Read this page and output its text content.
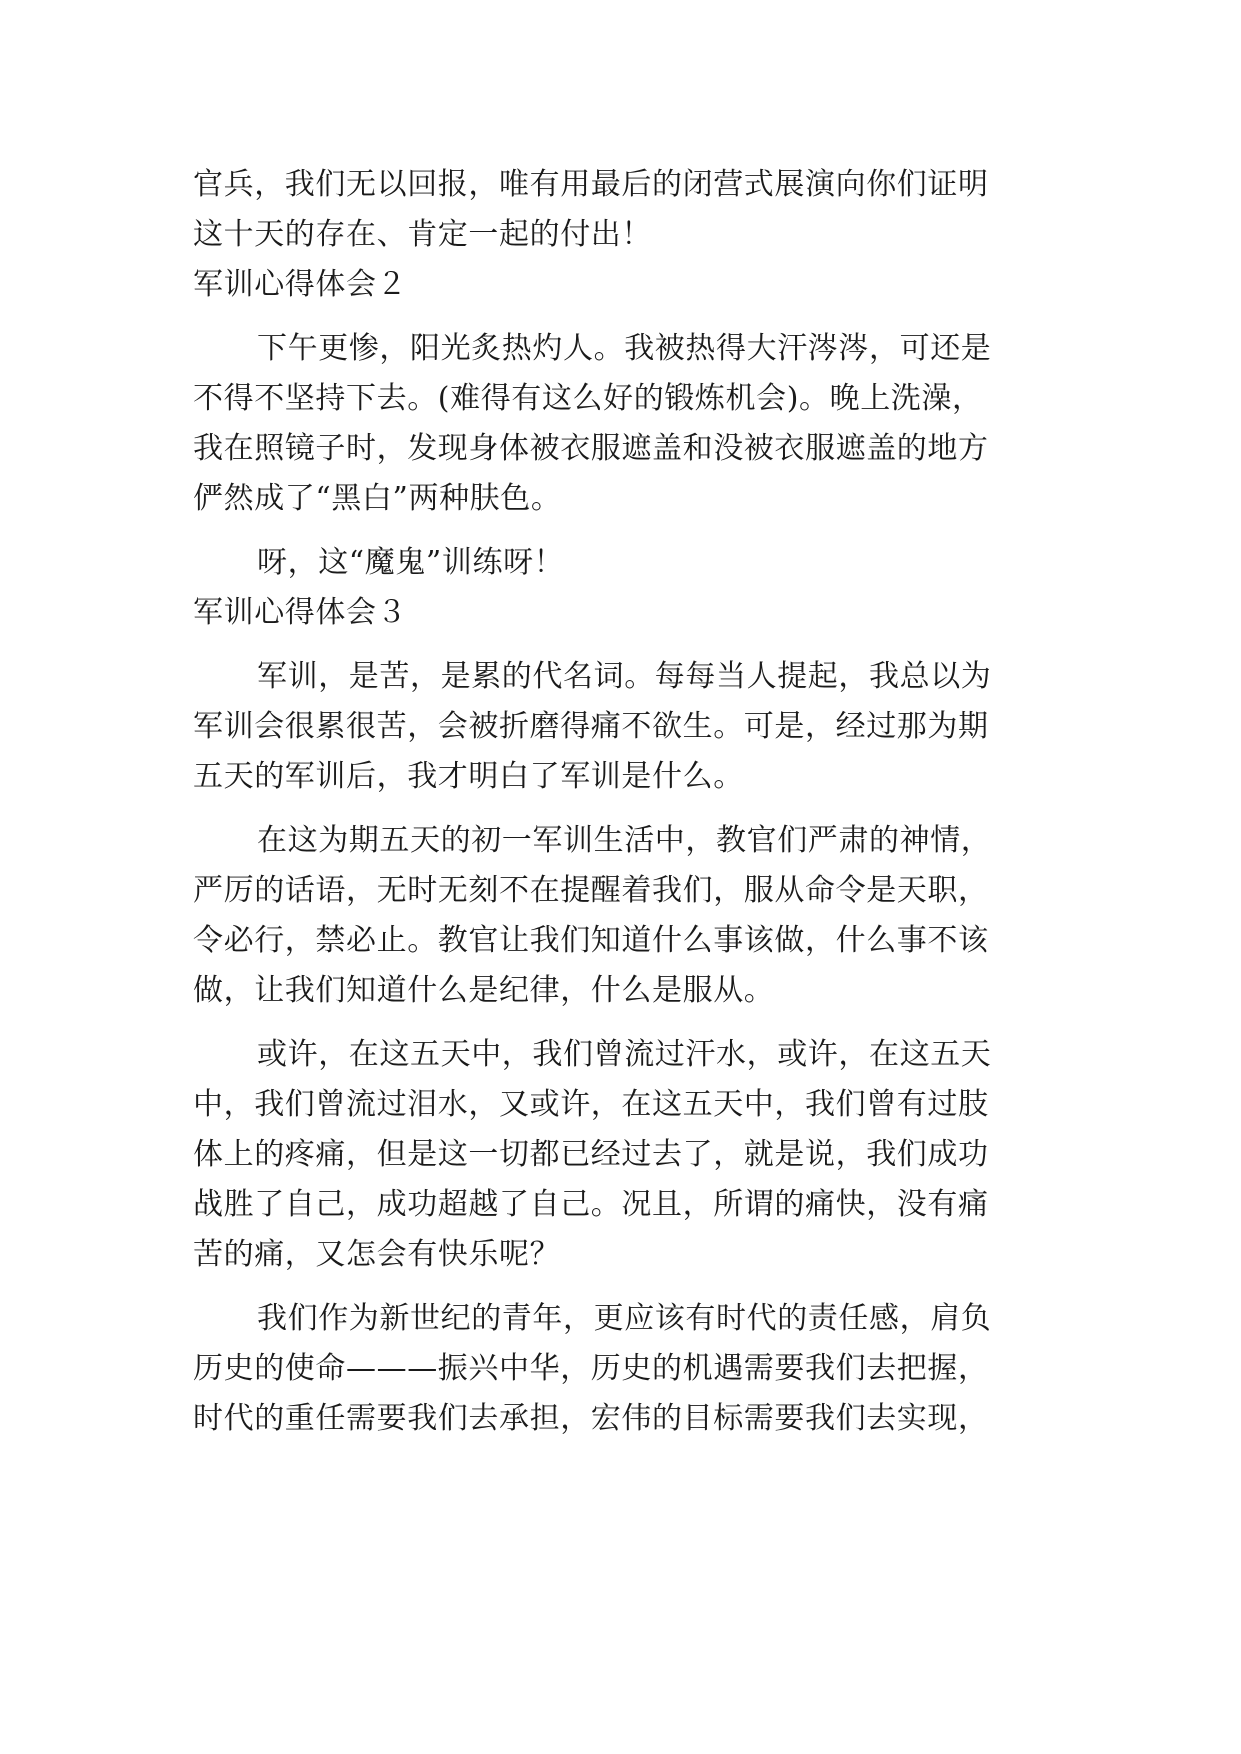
官兵，我们无以回报，唯有用最后的闭营式展演向你们证明
这十天的存在、肯定一起的付出！
军训心得体会２
下午更惨，阳光炙热灼人。我被热得大汗涔涔，可还是
不得不坚持下去。(难得有这么好的锻炼机会)。晚上洗澡，
我在照镜子时，发现身体被衣服遮盖和没被衣服遮盖的地方
俨然成了“黑白”两种肤色。
呀，这“魔鬼”训练呀！
军训心得体会３
军训，是苦，是累的代名词。每每当人提起，我总以为
军训会很累很苦，会被折磨得痛不欲生。可是，经过那为期
五天的军训后，我才明白了军训是什么。
在这为期五天的初一军训生活中，教官们严肃的神情，
严厉的话语，无时无刻不在提醒着我们，服从命令是天职，
令必行，禁必止。教官让我们知道什么事该做，什么事不该
做，让我们知道什么是纪律，什么是服从。
或许，在这五天中，我们曾流过汗水，或许，在这五天
中，我们曾流过泪水，又或许，在这五天中，我们曾有过肢
体上的疼痛，但是这一切都已经过去了，就是说，我们成功
战胜了自己，成功超越了自己。况且，所谓的痛快，没有痛
苦的痛，又怎会有快乐呢？
我们作为新世纪的青年，更应该有时代的责任感，肩负
历史的使命———振兴中华，历史的机遇需要我们去把握，
时代的重任需要我们去承担，宏伟的目标需要我们去实现，
